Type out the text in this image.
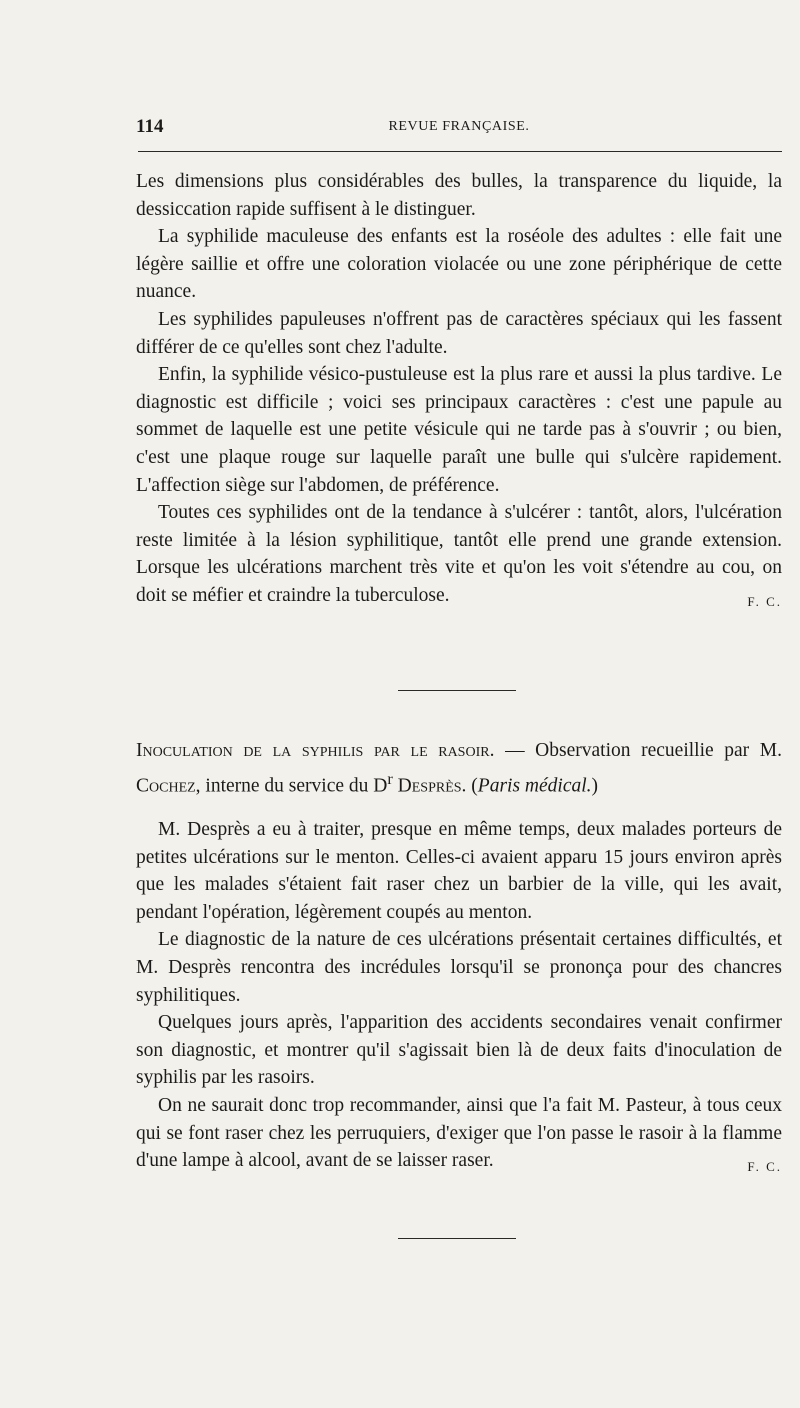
114	REVUE FRANÇAISE.

Les dimensions plus considérables des bulles, la transparence du liquide, la dessiccation rapide suffisent à le distinguer.

La syphilide maculeuse des enfants est la roséole des adultes : elle fait une légère saillie et offre une coloration violacée ou une zone périphérique de cette nuance.

Les syphilides papuleuses n'offrent pas de caractères spéciaux qui les fassent différer de ce qu'elles sont chez l'adulte.

Enfin, la syphilide vésico-pustuleuse est la plus rare et aussi la plus tardive. Le diagnostic est difficile ; voici ses principaux caractères : c'est une papule au sommet de laquelle est une petite vésicule qui ne tarde pas à s'ouvrir ; ou bien, c'est une plaque rouge sur laquelle paraît une bulle qui s'ulcère rapidement. L'affection siège sur l'abdomen, de préférence.

Toutes ces syphilides ont de la tendance à s'ulcérer : tantôt, alors, l'ulcération reste limitée à la lésion syphilitique, tantôt elle prend une grande extension. Lorsque les ulcérations marchent très vite et qu'on les voit s'étendre au cou, on doit se méfier et craindre la tuberculose.	F. C.

Inoculation de la syphilis par le rasoir. — Observation recueillie par M. Cochez, interne du service du $D^r$ Desprès. (Paris médical.)

M. Desprès a eu à traiter, presque en même temps, deux malades porteurs de petites ulcérations sur le menton. Celles-ci avaient apparu 15 jours environ après que les malades s'étaient fait raser chez un barbier de la ville, qui les avait, pendant l'opération, légèrement coupés au menton.

Le diagnostic de la nature de ces ulcérations présentait certaines difficultés, et M. Desprès rencontra des incrédules lorsqu'il se prononça pour des chancres syphilitiques.

Quelques jours après, l'apparition des accidents secondaires venait confirmer son diagnostic, et montrer qu'il s'agissait bien là de deux faits d'inoculation de syphilis par les rasoirs.

On ne saurait donc trop recommander, ainsi que l'a fait M. Pasteur, à tous ceux qui se font raser chez les perruquiers, d'exiger que l'on passe le rasoir à la flamme d'une lampe à alcool, avant de se laisser raser.	F. C.
